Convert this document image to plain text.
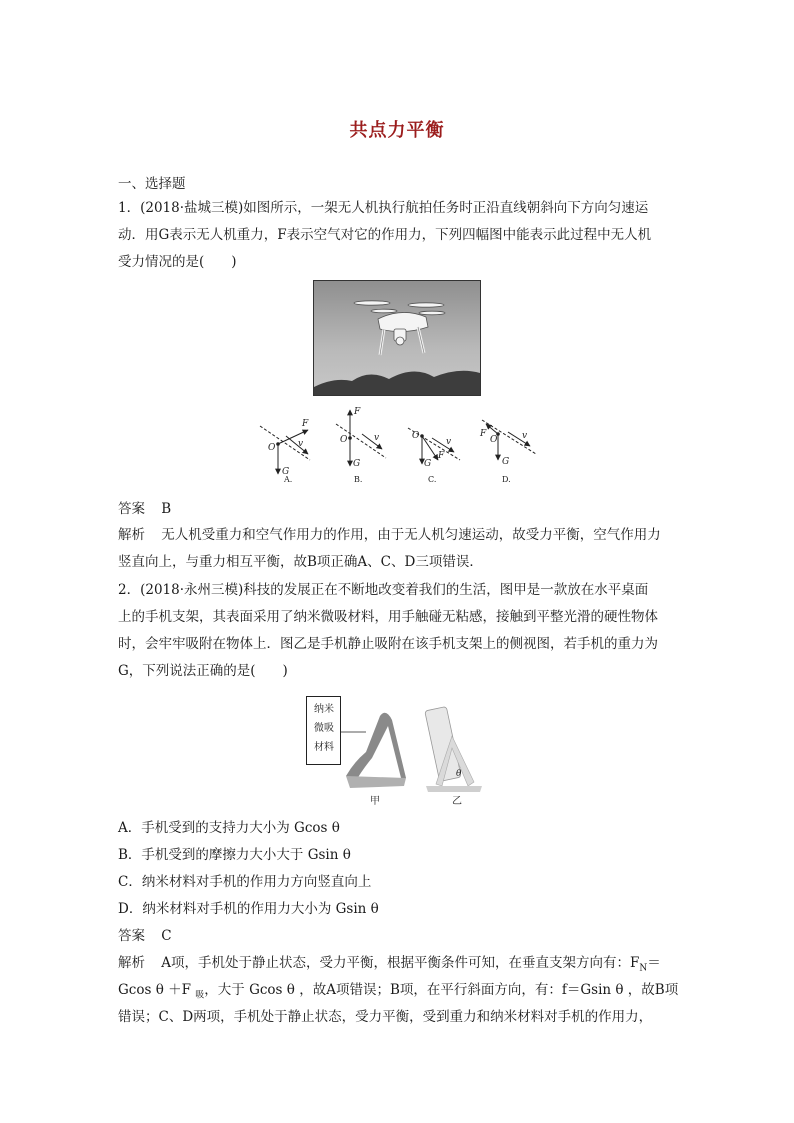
共点力平衡
一、选择题
1．(2018·盐城三模)如图所示，一架无人机执行航拍任务时正沿直线朝斜向下方向匀速运
动．用G表示无人机重力，F表示空气对它的作用力，下列四幅图中能表示此过程中无人机
受力情况的是(　　)
O
F
v
G
O
F
v
G
O
v
F
G
O
F	v
G
A.	B.	C.	D.
答案 B
解析 无人机受重力和空气作用力的作用，由于无人机匀速运动，故受力平衡，空气作用力
竖直向上，与重力相互平衡，故B项正确A、C、D三项错误．
2．(2018·永州三模)科技的发展正在不断地改变着我们的生活，图甲是一款放在水平桌面
上的手机支架，其表面采用了纳米微吸材料，用手触碰无粘感，接触到平整光滑的硬性物体
时，会牢牢吸附在物体上．图乙是手机静止吸附在该手机支架上的侧视图，若手机的重力为
G，下列说法正确的是(　　)
纳米
微吸
材料
θ
甲	乙
A．手机受到的支持力大小为 Gcos θ
B．手机受到的摩擦力大小大于 Gsin θ
C．纳米材料对手机的作用力方向竖直向上
D．纳米材料对手机的作用力大小为 Gsin θ
答案 C
解析 A项，手机处于静止状态，受力平衡，根据平衡条件可知，在垂直支架方向有：$F_N=$
Gcos θ ＋F $_吸$，大于 Gcos θ ，故A项错误；B项，在平行斜面方向，有：f＝Gsin θ ，故B项
错误；C、D两项，手机处于静止状态，受力平衡，受到重力和纳米材料对手机的作用力，
